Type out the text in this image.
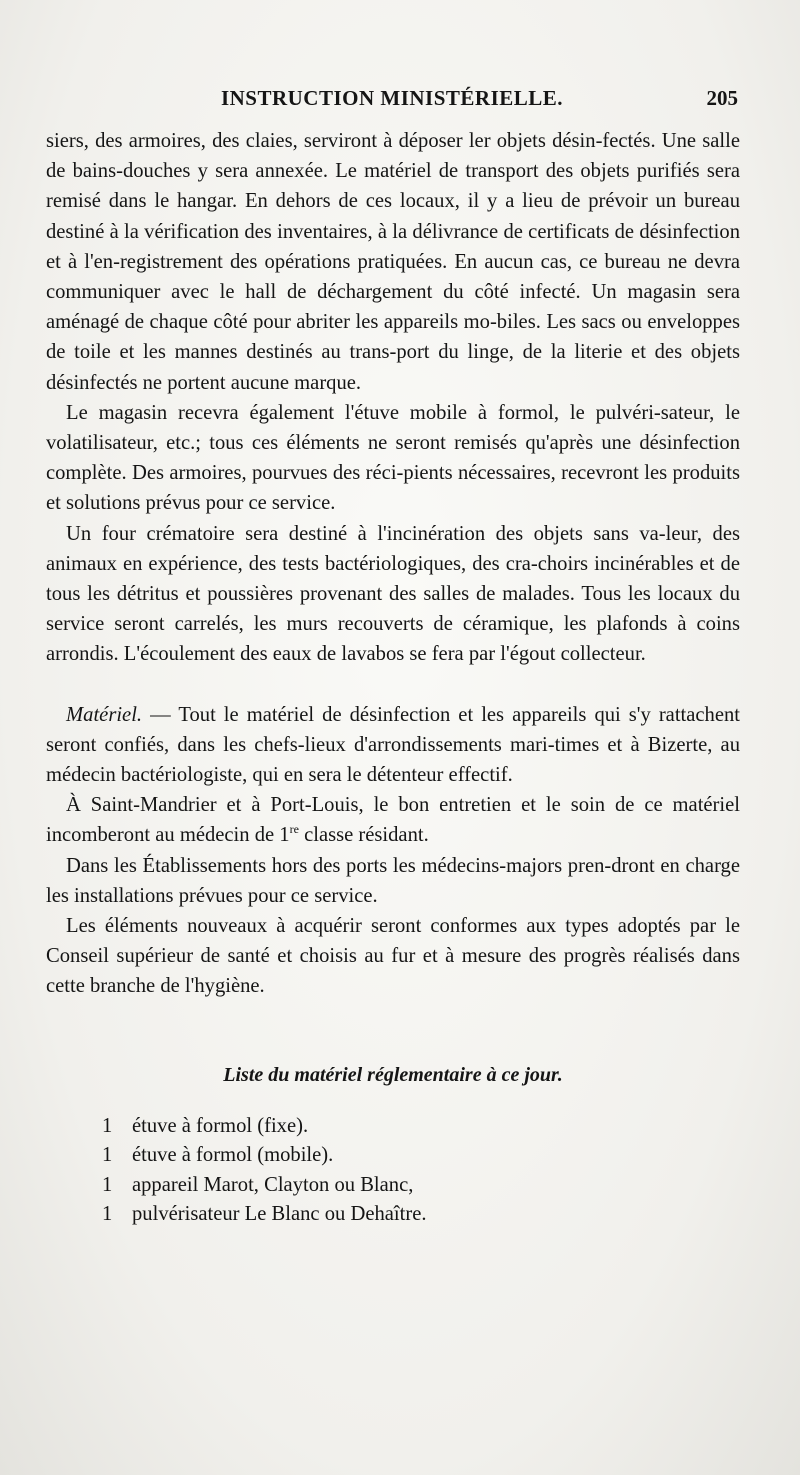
INSTRUCTION MINISTÉRIELLE.	205

siers, des armoires, des claies, serviront à déposer ler objets désin-fectés. Une salle de bains-douches y sera annexée. Le matériel de transport des objets purifiés sera remisé dans le hangar. En dehors de ces locaux, il y a lieu de prévoir un bureau destiné à la vérification des inventaires, à la délivrance de certificats de désinfection et à l'en-registrement des opérations pratiquées. En aucun cas, ce bureau ne devra communiquer avec le hall de déchargement du côté infecté. Un magasin sera aménagé de chaque côté pour abriter les appareils mo-biles. Les sacs ou enveloppes de toile et les mannes destinés au trans-port du linge, de la literie et des objets désinfectés ne portent aucune marque.

Le magasin recevra également l'étuve mobile à formol, le pulvéri-sateur, le volatilisateur, etc.; tous ces éléments ne seront remisés qu'après une désinfection complète. Des armoires, pourvues des réci-pients nécessaires, recevront les produits et solutions prévus pour ce service.

Un four crématoire sera destiné à l'incinération des objets sans va-leur, des animaux en expérience, des tests bactériologiques, des cra-choirs incinérables et de tous les détritus et poussières provenant des salles de malades. Tous les locaux du service seront carrelés, les murs recouverts de céramique, les plafonds à coins arrondis. L'écoulement des eaux de lavabos se fera par l'égout collecteur.

Matériel. — Tout le matériel de désinfection et les appareils qui s'y rattachent seront confiés, dans les chefs-lieux d'arrondissements mari-times et à Bizerte, au médecin bactériologiste, qui en sera le détenteur effectif.

À Saint-Mandrier et à Port-Louis, le bon entretien et le soin de ce matériel incomberont au médecin de 1re classe résidant.

Dans les Établissements hors des ports les médecins-majors pren-dront en charge les installations prévues pour ce service.

Les éléments nouveaux à acquérir seront conformes aux types adoptés par le Conseil supérieur de santé et choisis au fur et à mesure des progrès réalisés dans cette branche de l'hygiène.

Liste du matériel réglementaire à ce jour.
1 étuve à formol (fixe).
1 étuve à formol (mobile).
1 appareil Marot, Clayton ou Blanc,
1 pulvérisateur Le Blanc ou Dehaître.
